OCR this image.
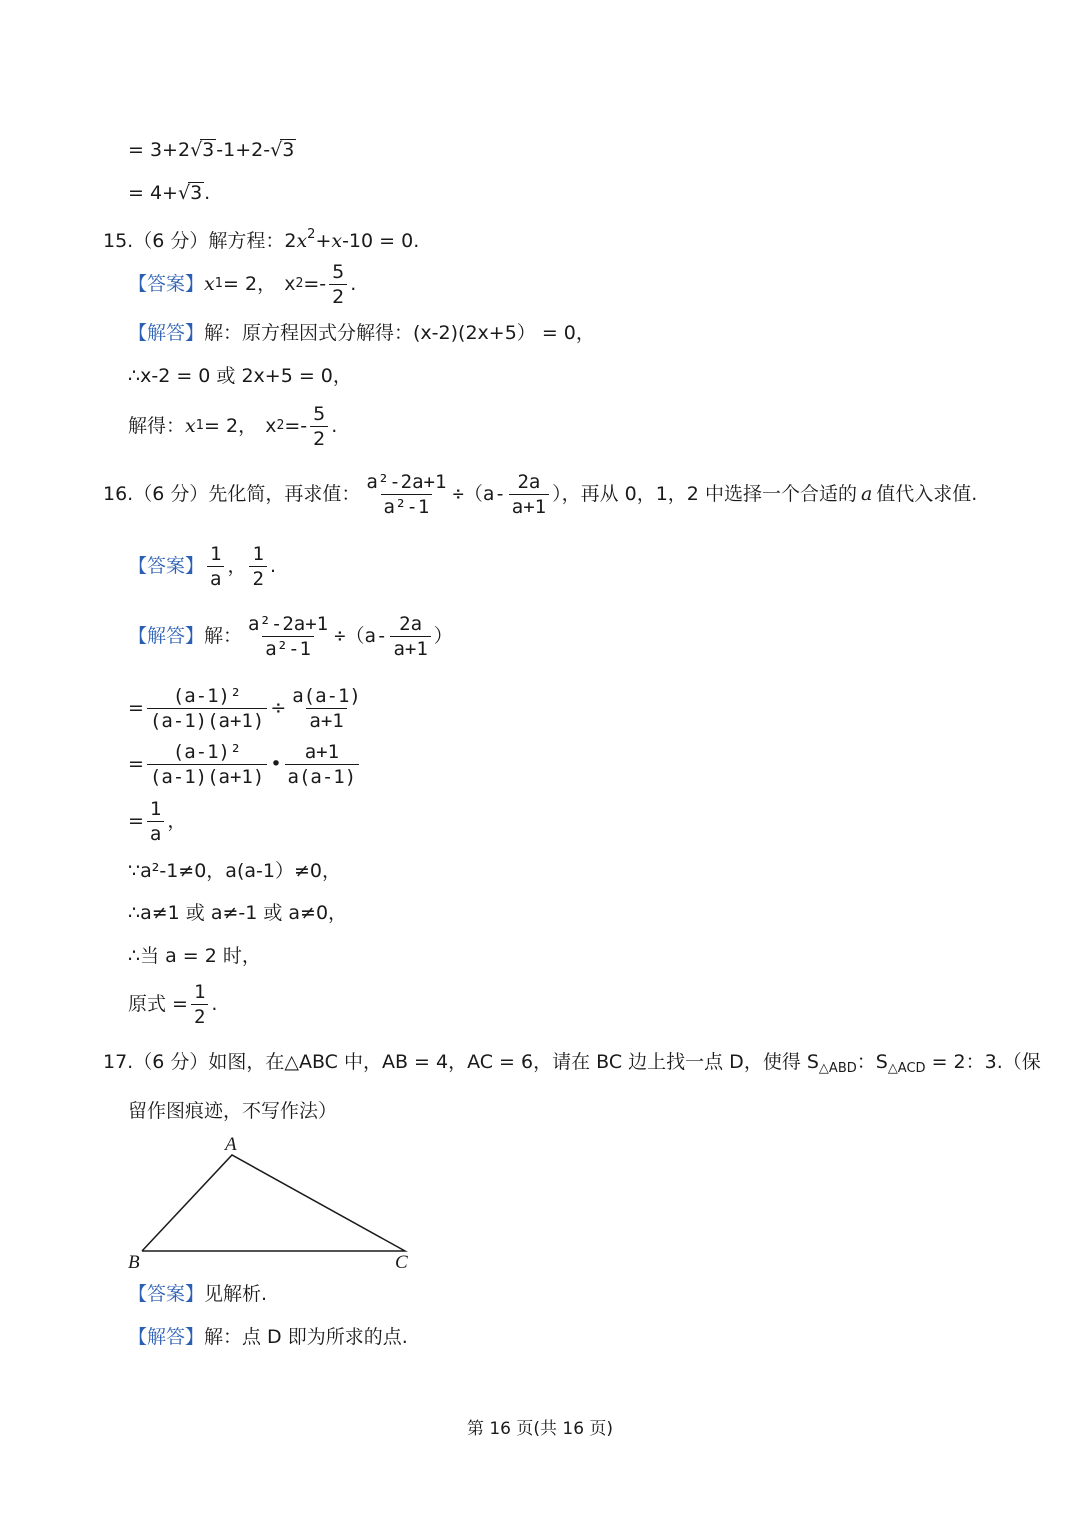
= 3+2√3 -1+2-√3
= 4+√3 .
15.（6 分）解方程：$2x^2+x-10 = 0$.
【答案】 x 1 = 2， x $2 =- \frac{5}{2}$ .
【解答】解：原方程因式分解得：(x-2)(2x+5） = 0，
∴x-2 = 0 或 2x+5 = 0，
解得： x 1 = 2， x $2 =- \frac{5}{2}$ .
16.（6 分）先化简，再求值： $\frac{\text{a²-2a+1}}{\text{a²-1}} \div(a- \frac{2a}{a+1}$ ），再从 0，1，2 中选择一个合适的 a 值代入求值.
【答案】 $\frac{1}{a}$ ， $\frac{1}{2}$ .
【解答】 解： $\frac{\text{a²-2a+1}}{\text{a²-1}} \div(a- \frac{2a}{a+1}$ ）
= $\frac{\text{(a-1)²}}{(a-1)(a+1)} \div \frac{a(a-1)}{a+1}$
= $\frac{\text{(a-1)²}}{(a-1)(a+1)}$ • $\frac{a+1}{a(a-1)}$
= $\frac{1}{a}$ ，
∵a²-1≠0，a(a-1）≠0，
∴a≠1 或 a≠-1 或 a≠0，
∴当 a = 2 时，
原式 = $\frac{1}{2}$ .
17.（6 分）如图，在△ABC 中，AB = 4，AC = 6，请在 BC 边上找一点 D，使得 $S_{\triangle ABD}$：$S_{\triangle ACD} = 2$：3.（保
留作图痕迹，不写作法）
A
B	C
【答案】见解析.
【解答】解：点 D 即为所求的点.
第 16 页(共 16 页)
